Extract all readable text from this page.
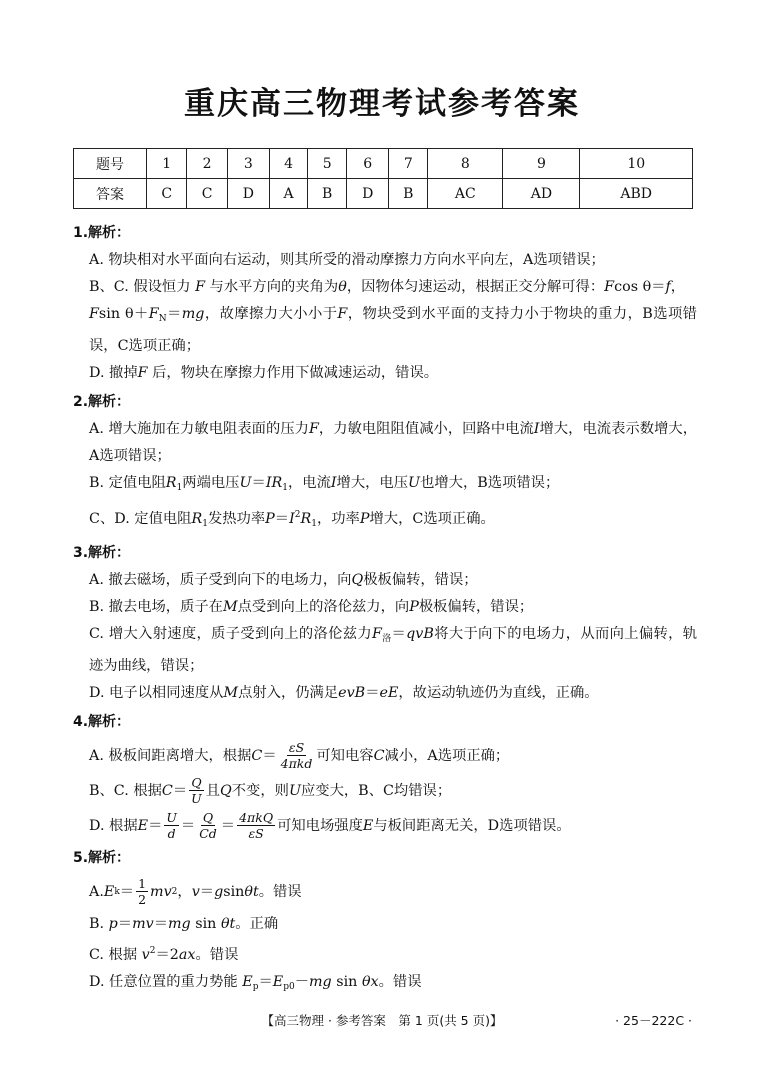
重庆高三物理考试参考答案
题号	1	2	3	4	5	6	7	8	9	10
答案	C	C	D	A	B	D	B	AC	AD	ABD
1.解析：

A. 物块相对水平面向右运动，则其所受的滑动摩擦力方向水平向左，A选项错误；

B、C. 假设恒力 F 与水平方向的夹角为θ，因物体匀速运动，根据正交分解可得：Fcos θ＝f，
Fsin $\theta+F_N=mg$，故摩擦力大小小于F，物块受到水平面的支持力小于物块的重力，B选项错误，C选项正确；

D. 撤掉F 后，物块在摩擦力作用下做减速运动，错误。

2.解析：

A. 增大施加在力敏电阻表面的压力F，力敏电阻阻值减小，回路中电流I增大，电流表示数增大，A选项错误；

B. 定值电阻$R_1$两端电压$U=IR_1$，电流I增大，电压U也增大，B选项错误；

C、D. 定值电阻$R_1$发热功率$P=I^2R_1$，功率P增大，C选项正确。

3.解析：

A. 撤去磁场，质子受到向下的电场力，向Q极板偏转，错误；

B. 撤去电场，质子在M点受到向上的洛伦兹力，向P极板偏转，错误；

C. 增大入射速度，质子受到向上的洛伦兹力$F_洛=qvB$将大于向下的电场力，从而向上偏转，轨迹为曲线，错误；

D. 电子以相同速度从M点射入，仍满足evB＝eE，故运动轨迹仍为直线，正确。

4.解析：

A. 极板间距离增大，根据 $C = \frac{\varepsilon S}{\text{4πkd}}$ 可知电容 C 减小，A选项正确；

B、C. 根据 $C = \frac{Q}{U}$ 且 Q 不变，则 U 应变大，B、C均错误；

D. 根据 $E = \frac{U}{d} = \frac{Q}{Cd} = \frac{\text{4πkQ}}{\varepsilon S}$ 可知电场强度 E 与板间距离无关，D选项错误。

5.解析：

A. E $k = \frac{1}{2}$ mv 2 ， v ＝ g sin θt 。错误

B. p＝mv＝mg sin θt。正确

C. 根据 $v^2=2ax$。错误

D. 任意位置的重力势能 $E_p=E_{p0}-mg$ sin θx。错误

【高三物理 · 参考答案　第 1 页(共 5 页)】	· 25－222C ·
